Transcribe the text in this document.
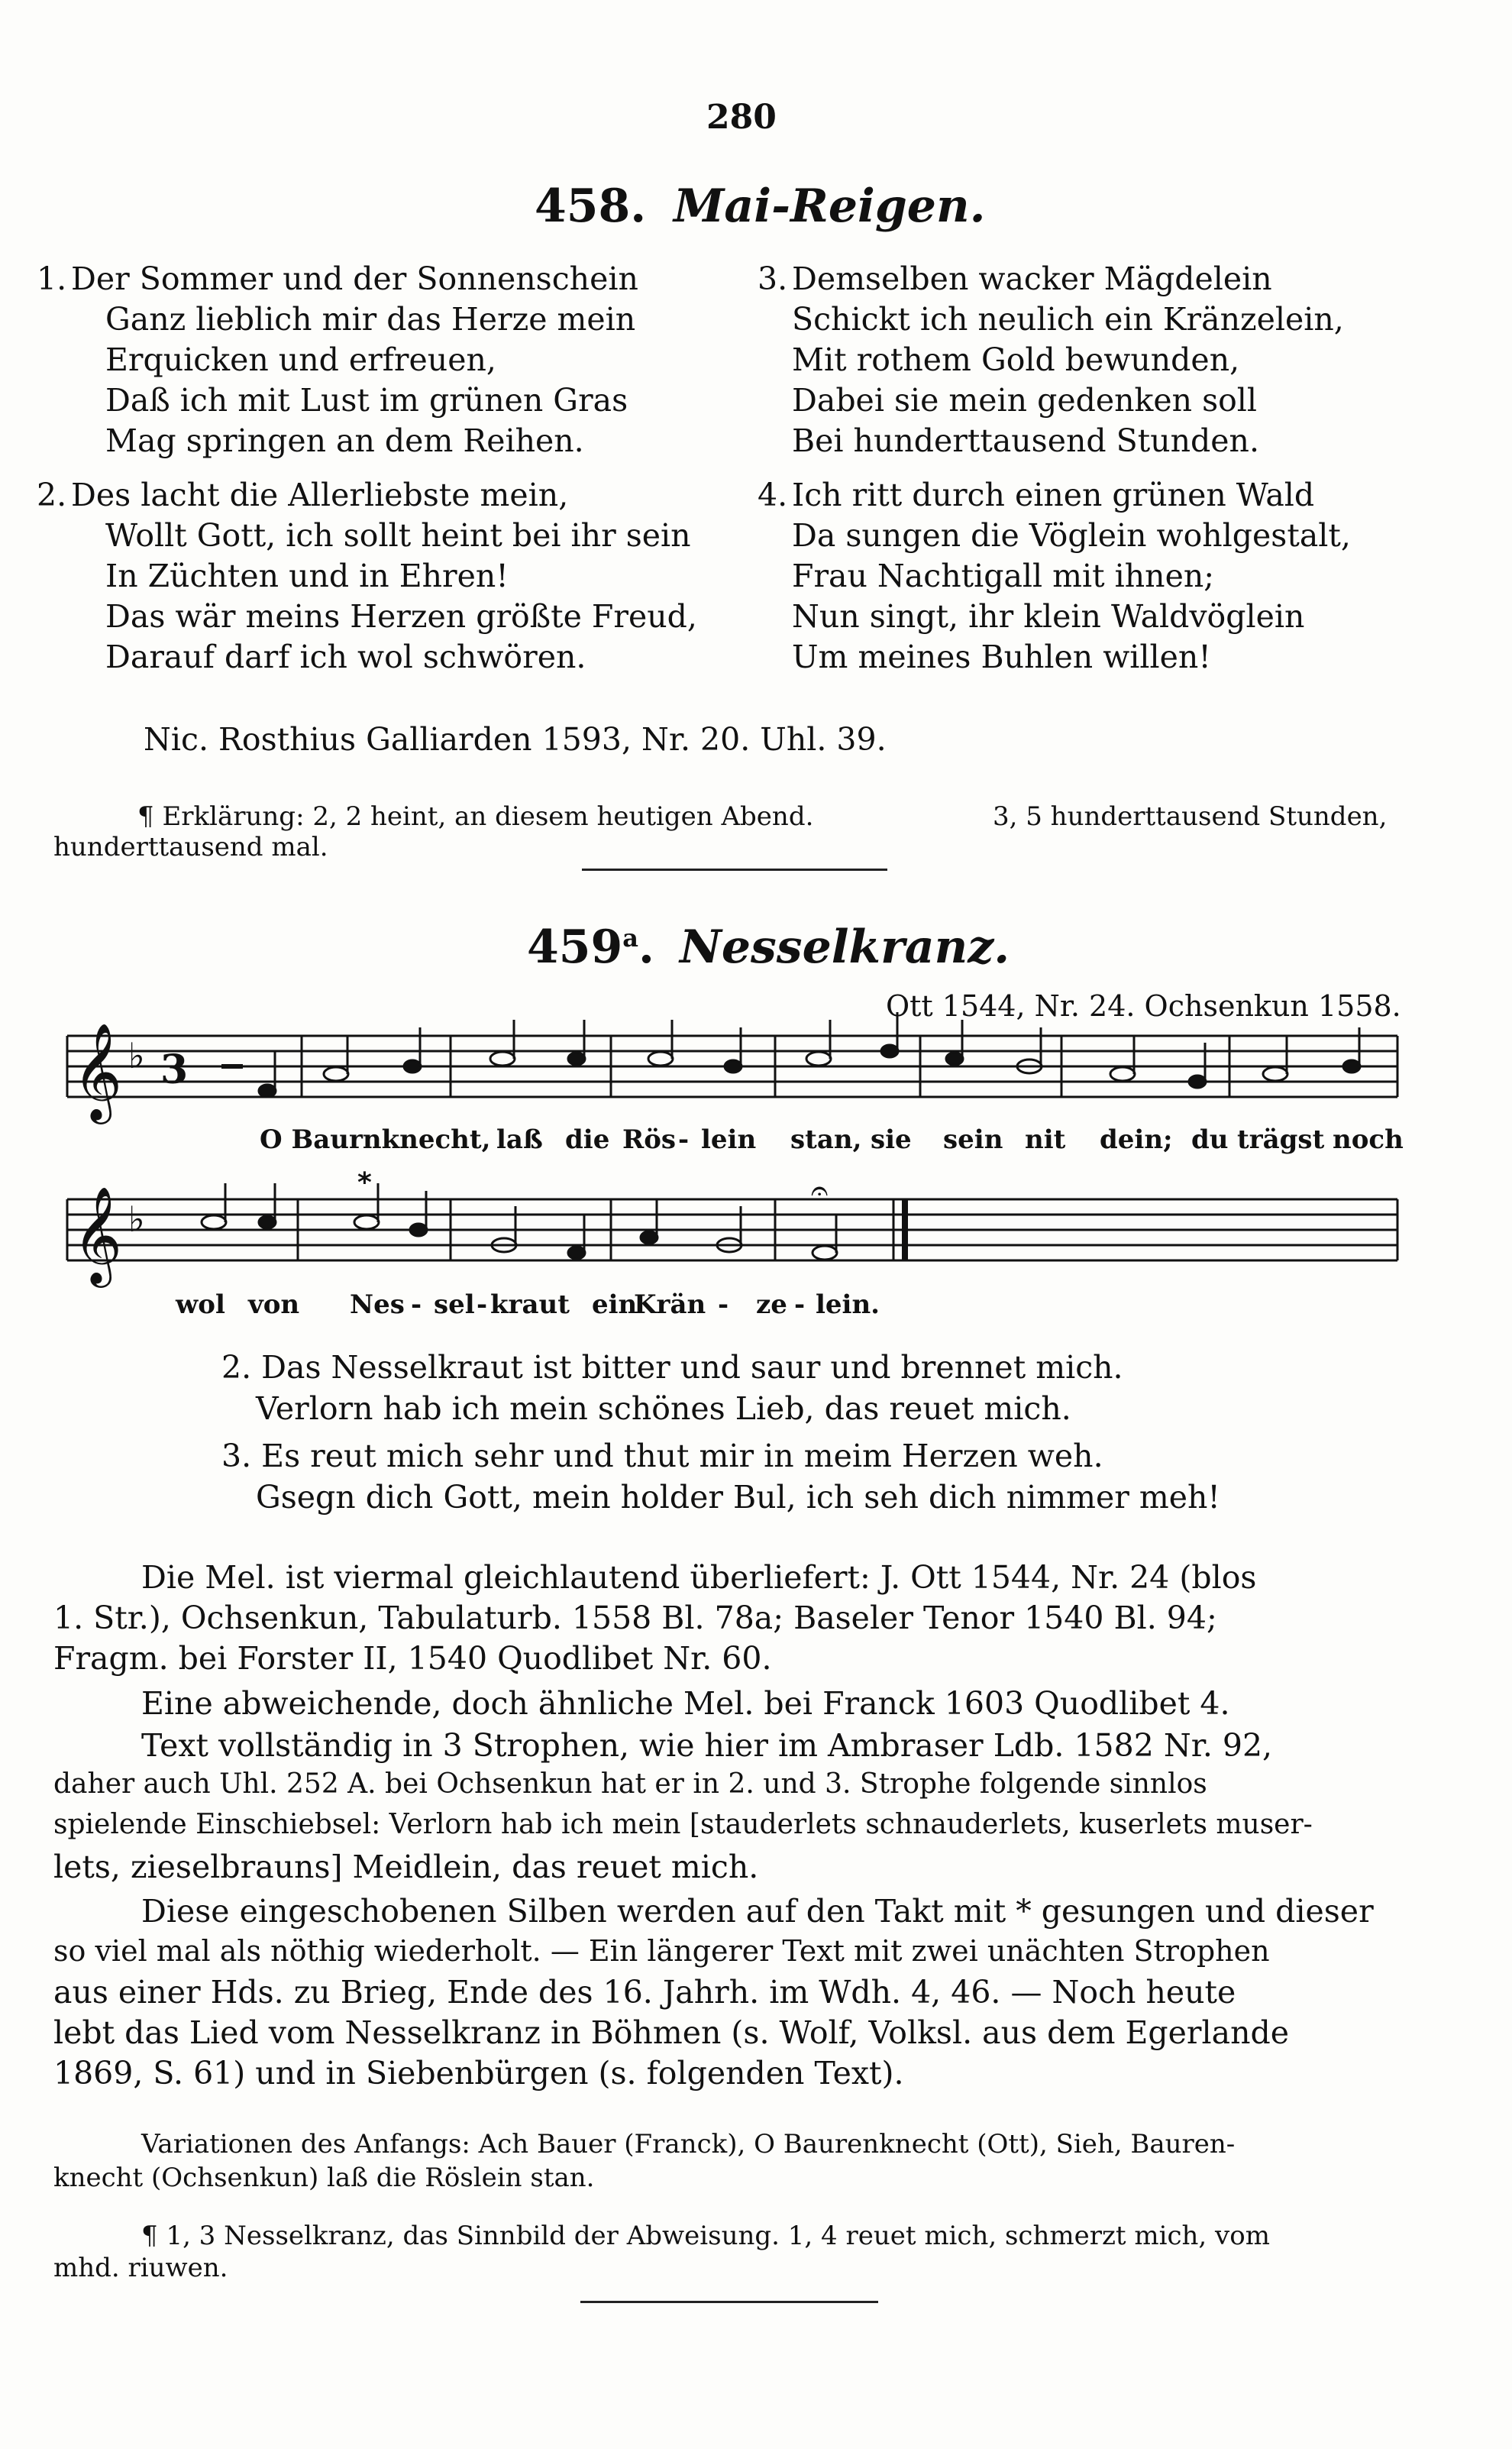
280
458. Mai-Reigen.
1. Der Sommer und der Sonnenschein
Ganz lieblich mir das Herze mein
Erquicken und erfreuen,
Daß ich mit Lust im grünen Gras
Mag springen an dem Reihen.
2. Des lacht die Allerliebste mein,
Wollt Gott, ich sollt heint bei ihr sein
In Züchten und in Ehren!
Das wär meins Herzen größte Freud,
Darauf darf ich wol schwören.
3. Demselben wacker Mägdelein
Schickt ich neulich ein Kränzelein,
Mit rothem Gold bewunden,
Dabei sie mein gedenken soll
Bei hunderttausend Stunden.
4. Ich ritt durch einen grünen Wald
Da sungen die Vöglein wohlgestalt,
Frau Nachtigall mit ihnen;
Nun singt, ihr klein Waldvöglein
Um meines Buhlen willen!
Nic. Rosthius Galliarden 1593, Nr. 20. Uhl. 39.
¶ Erklärung: 2, 2 heint, an diesem heutigen Abend.	3, 5 hunderttausend Stunden,
hunderttausend mal.
459$^a$. Nesselkranz.
Ott 1544, Nr. 24. Ochsenkun 1558.
𝄞
𝄞
♭
♭
3
*	𝄐
O Baurnknecht, laß die Rös - lein stan, sie sein nit dein; du trägst noch
wol von Nes - sel - kraut ein
Krän - ze - lein.
2. Das Nesselkraut ist bitter und saur und brennet mich.
Verlorn hab ich mein schönes Lieb, das reuet mich.
3. Es reut mich sehr und thut mir in meim Herzen weh.
Gsegn dich Gott, mein holder Bul, ich seh dich nimmer meh!
Die Mel. ist viermal gleichlautend überliefert: J. Ott 1544, Nr. 24 (blos
1. Str.), Ochsenkun, Tabulaturb. 1558 Bl. 78a; Baseler Tenor 1540 Bl. 94;
Fragm. bei Forster II, 1540 Quodlibet Nr. 60.
Eine abweichende, doch ähnliche Mel. bei Franck 1603 Quodlibet 4.
Text vollständig in 3 Strophen, wie hier im Ambraser Ldb. 1582 Nr. 92,
daher auch Uhl. 252 A. bei Ochsenkun hat er in 2. und 3. Strophe folgende sinnlos
spielende Einschiebsel: Verlorn hab ich mein [stauderlets schnauderlets, kuserlets muser-
lets, zieselbrauns] Meidlein, das reuet mich.
Diese eingeschobenen Silben werden auf den Takt mit * gesungen und dieser
so viel mal als nöthig wiederholt. — Ein längerer Text mit zwei unächten Strophen
aus einer Hds. zu Brieg, Ende des 16. Jahrh. im Wdh. 4, 46. — Noch heute
lebt das Lied vom Nesselkranz in Böhmen (s. Wolf, Volksl. aus dem Egerlande
1869, S. 61) und in Siebenbürgen (s. folgenden Text).
Variationen des Anfangs: Ach Bauer (Franck), O Baurenknecht (Ott), Sieh, Bauren-
knecht (Ochsenkun) laß die Röslein stan.
¶ 1, 3 Nesselkranz, das Sinnbild der Abweisung. 1, 4 reuet mich, schmerzt mich, vom
mhd. riuwen.
